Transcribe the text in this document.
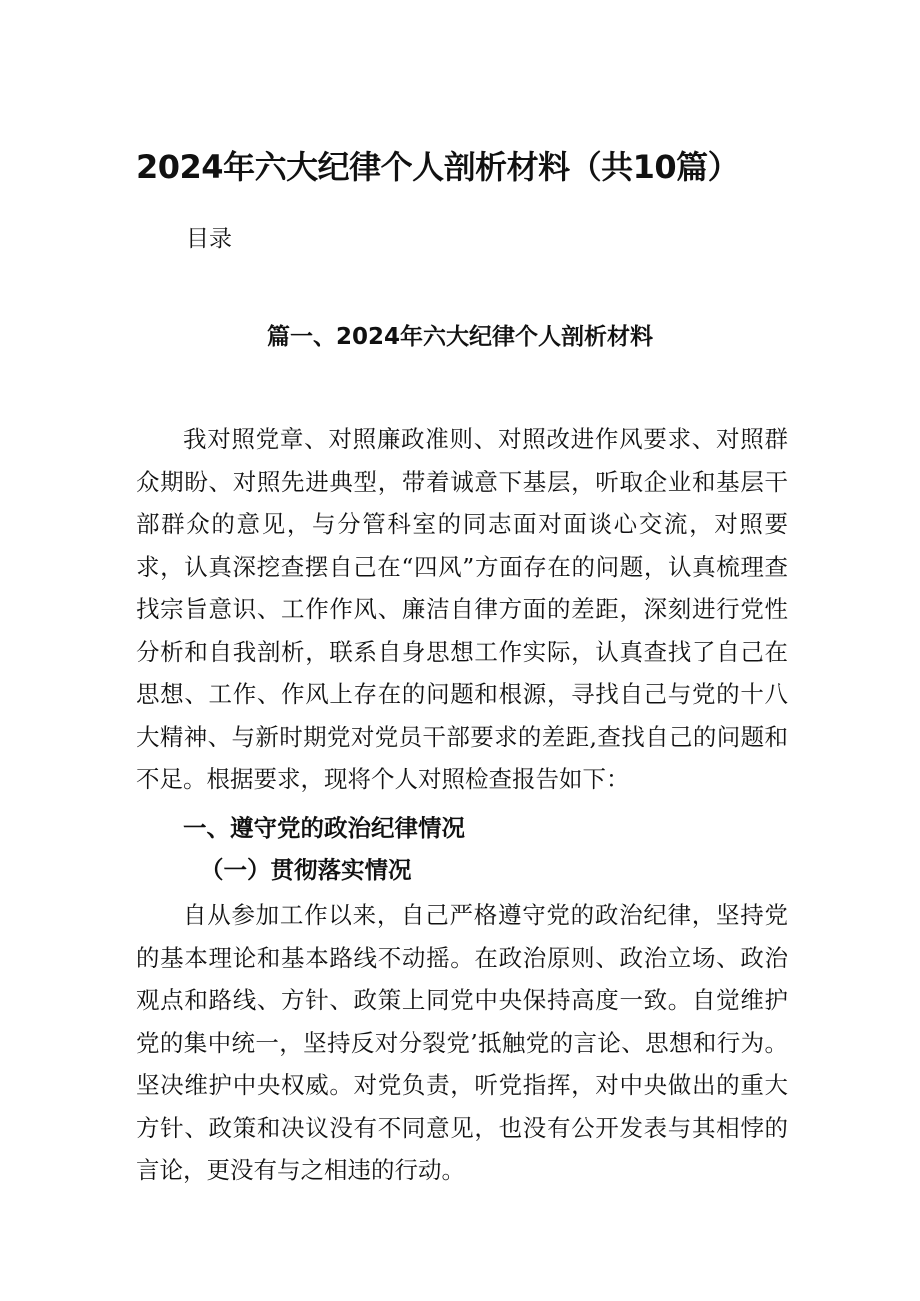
2024年六大纪律个人剖析材料（共10篇）
目录
篇一、2024年六大纪律个人剖析材料

我对照党章、对照廉政准则、对照改进作风要求、对照群众期盼、对照先进典型，带着诚意下基层，听取企业和基层干部群众的意见，与分管科室的同志面对面谈心交流，对照要求，认真深挖查摆自己在“四风”方面存在的问题，认真梳理查找宗旨意识、工作作风、廉洁自律方面的差距，深刻进行党性分析和自我剖析，联系自身思想工作实际，认真查找了自己在思想、工作、作风上存在的问题和根源，寻找自己与党的十八大精神、与新时期党对党员干部要求的差距,查找自己的问题和不足。根据要求，现将个人对照检查报告如下：

一、遵守党的政治纪律情况
（一）贯彻落实情况

自从参加工作以来，自己严格遵守党的政治纪律，坚持党的基本理论和基本路线不动摇。在政治原则、政治立场、政治观点和路线、方针、政策上同党中央保持高度一致。自觉维护党的集中统一，坚持反对分裂党’抵触党的言论、思想和行为。坚决维护中央权威。对党负责，听党指挥，对中央做出的重大方针、政策和决议没有不同意见，也没有公开发表与其相悖的言论，更没有与之相违的行动。
